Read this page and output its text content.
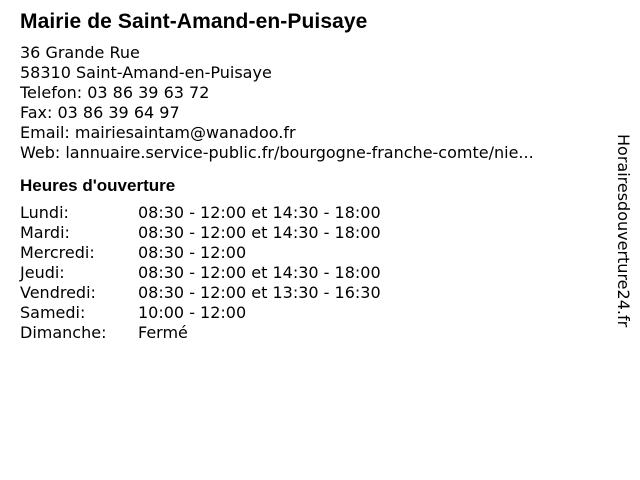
Mairie de Saint-Amand-en-Puisaye
36 Grande Rue
58310 Saint-Amand-en-Puisaye
Telefon: 03 86 39 63 72
Fax: 03 86 39 64 97
Email: mairiesaintam@wanadoo.fr
Web: lannuaire.service-public.fr/bourgogne-franche-comte/nie...
Heures d'ouverture
Lundi:	08:30 - 12:00 et 14:30 - 18:00
Mardi:	08:30 - 12:00 et 14:30 - 18:00
Mercredi:	08:30 - 12:00
Jeudi:	08:30 - 12:00 et 14:30 - 18:00
Vendredi:	08:30 - 12:00 et 13:30 - 16:30
Samedi:	10:00 - 12:00
Dimanche:	Fermé
Horairesdouverture24.fr
